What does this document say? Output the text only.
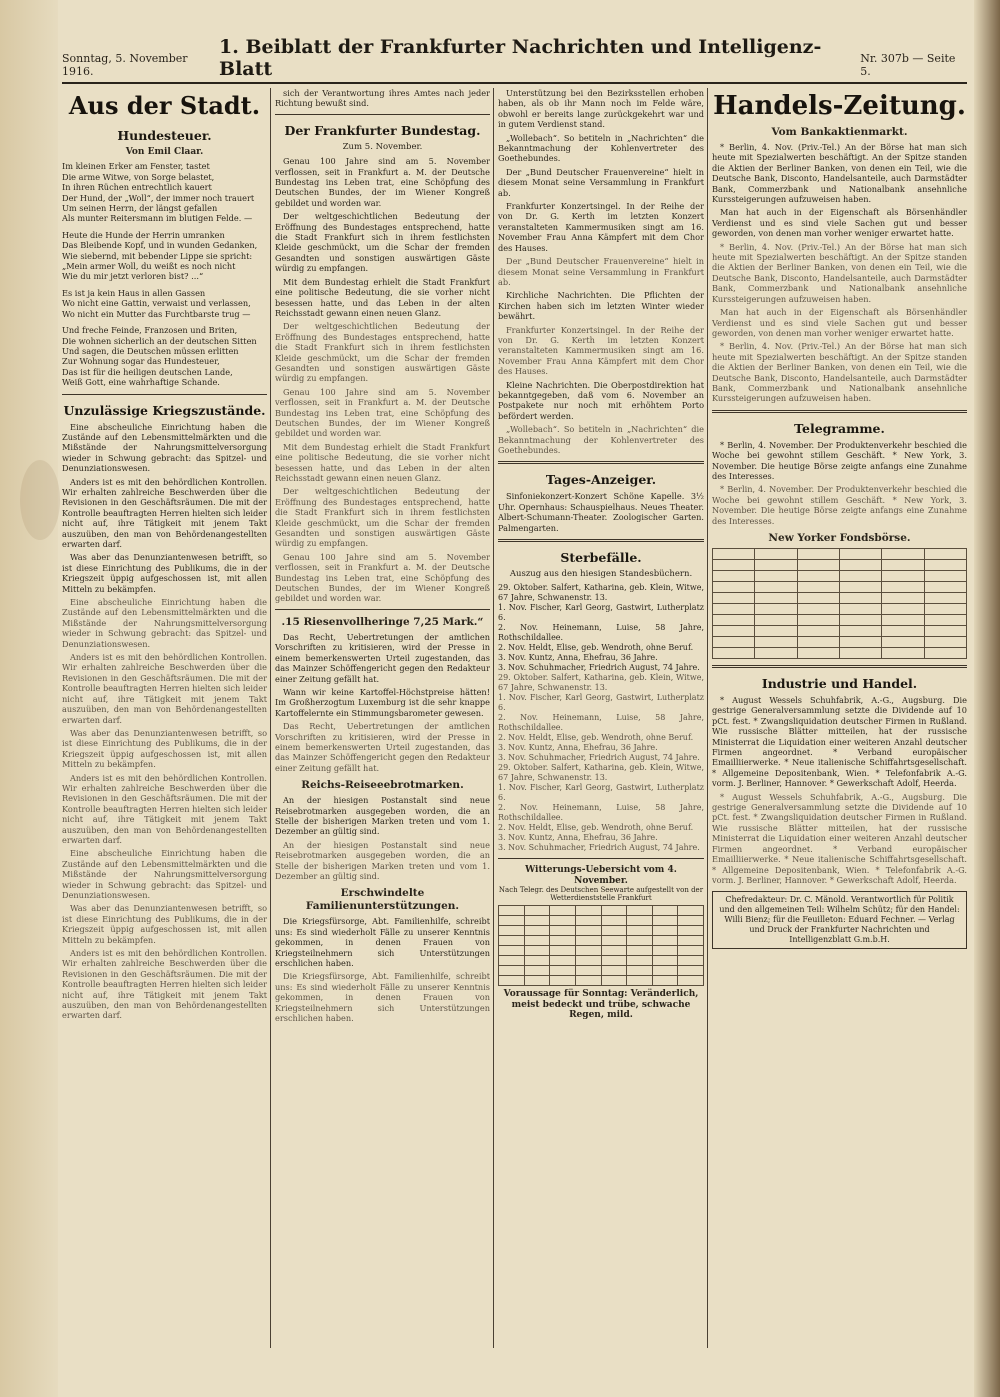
Sonntag, 5. November 1916.
1. Beiblatt der Frankfurter Nachrichten und Intelligenz-Blatt	Nr. 307b — Seite 5.
Aus der Stadt.
Hundesteuer.
Von Emil Claar.

Im kleinen Erker am Fenster, tastet
Die arme Witwe, von Sorge belastet,
In ihren Rüchen entrechtlich kauert
Der Hund, der „Woll“, der immer noch trauert
Um seinen Herrn, der längst gefallen
Als munter Reitersmann im blutigen Felde. —

Heute die Hunde der Herrin umranken
Das Bleibende Kopf, und in wunden Gedanken,
Wie siebernd, mit bebender Lippe sie spricht:
„Mein armer Woll, du weißt es noch nicht
Wie du mir jetzt verloren bist? ...“

Es ist ja kein Haus in allen Gassen
Wo nicht eine Gattin, verwaist und verlassen,
Wo nicht ein Mutter das Furchtbarste trug —

Und freche Feinde, Franzosen und Briten,
Die wohnen sicherlich an der deutschen Sitten
Und sagen, die Deutschen müssen erlitten
Zur Wohnung sogar das Hundesteuer,
Das ist für die heiligen deutschen Lande,
Weiß Gott, eine wahrhaftige Schande.

Unzulässige Kriegszustände.

Eine abscheuliche Einrichtung haben die Zustände auf den Lebensmittelmärkten und die Mißstände der Nahrungsmittelversorgung wieder in Schwung gebracht: das Spitzel- und Denunziationswesen.

Anders ist es mit den behördlichen Kontrollen. Wir erhalten zahlreiche Beschwerden über die Revisionen in den Geschäftsräumen. Die mit der Kontrolle beauftragten Herren hielten sich leider nicht auf, ihre Tätigkeit mit jenem Takt auszuüben, den man von Behördenangestellten erwarten darf.

Was aber das Denunziantenwesen betrifft, so ist diese Einrichtung des Publikums, die in der Kriegszeit üppig aufgeschossen ist, mit allen Mitteln zu bekämpfen.

Eine abscheuliche Einrichtung haben die Zustände auf den Lebensmittelmärkten und die Mißstände der Nahrungsmittelversorgung wieder in Schwung gebracht: das Spitzel- und Denunziationswesen.

Anders ist es mit den behördlichen Kontrollen. Wir erhalten zahlreiche Beschwerden über die Revisionen in den Geschäftsräumen. Die mit der Kontrolle beauftragten Herren hielten sich leider nicht auf, ihre Tätigkeit mit jenem Takt auszuüben, den man von Behördenangestellten erwarten darf.

Was aber das Denunziantenwesen betrifft, so ist diese Einrichtung des Publikums, die in der Kriegszeit üppig aufgeschossen ist, mit allen Mitteln zu bekämpfen.

Anders ist es mit den behördlichen Kontrollen. Wir erhalten zahlreiche Beschwerden über die Revisionen in den Geschäftsräumen. Die mit der Kontrolle beauftragten Herren hielten sich leider nicht auf, ihre Tätigkeit mit jenem Takt auszuüben, den man von Behördenangestellten erwarten darf.

Eine abscheuliche Einrichtung haben die Zustände auf den Lebensmittelmärkten und die Mißstände der Nahrungsmittelversorgung wieder in Schwung gebracht: das Spitzel- und Denunziationswesen.

Was aber das Denunziantenwesen betrifft, so ist diese Einrichtung des Publikums, die in der Kriegszeit üppig aufgeschossen ist, mit allen Mitteln zu bekämpfen.

Anders ist es mit den behördlichen Kontrollen. Wir erhalten zahlreiche Beschwerden über die Revisionen in den Geschäftsräumen. Die mit der Kontrolle beauftragten Herren hielten sich leider nicht auf, ihre Tätigkeit mit jenem Takt auszuüben, den man von Behördenangestellten erwarten darf.

sich der Verantwortung ihres Amtes nach jeder Richtung bewußt sind.

Der Frankfurter Bundestag.
Zum 5. November.

Genau 100 Jahre sind am 5. November verflossen, seit in Frankfurt a. M. der Deutsche Bundestag ins Leben trat, eine Schöpfung des Deutschen Bundes, der im Wiener Kongreß gebildet und worden war.

Der weltgeschichtlichen Bedeutung der Eröffnung des Bundestages entsprechend, hatte die Stadt Frankfurt sich in ihrem festlichsten Kleide geschmückt, um die Schar der fremden Gesandten und sonstigen auswärtigen Gäste würdig zu empfangen.

Mit dem Bundestag erhielt die Stadt Frankfurt eine politische Bedeutung, die sie vorher nicht besessen hatte, und das Leben in der alten Reichsstadt gewann einen neuen Glanz.

Der weltgeschichtlichen Bedeutung der Eröffnung des Bundestages entsprechend, hatte die Stadt Frankfurt sich in ihrem festlichsten Kleide geschmückt, um die Schar der fremden Gesandten und sonstigen auswärtigen Gäste würdig zu empfangen.

Genau 100 Jahre sind am 5. November verflossen, seit in Frankfurt a. M. der Deutsche Bundestag ins Leben trat, eine Schöpfung des Deutschen Bundes, der im Wiener Kongreß gebildet und worden war.

Mit dem Bundestag erhielt die Stadt Frankfurt eine politische Bedeutung, die sie vorher nicht besessen hatte, und das Leben in der alten Reichsstadt gewann einen neuen Glanz.

Der weltgeschichtlichen Bedeutung der Eröffnung des Bundestages entsprechend, hatte die Stadt Frankfurt sich in ihrem festlichsten Kleide geschmückt, um die Schar der fremden Gesandten und sonstigen auswärtigen Gäste würdig zu empfangen.

Genau 100 Jahre sind am 5. November verflossen, seit in Frankfurt a. M. der Deutsche Bundestag ins Leben trat, eine Schöpfung des Deutschen Bundes, der im Wiener Kongreß gebildet und worden war.

.15 Riesenvollheringe 7,25 Mark.“

Das Recht, Uebertretungen der amtlichen Vorschriften zu kritisieren, wird der Presse in einem bemerkenswerten Urteil zugestanden, das das Mainzer Schöffengericht gegen den Redakteur einer Zeitung gefällt hat.

Wann wir keine Kartoffel-Höchstpreise hätten! Im Großherzogtum Luxemburg ist die sehr knappe Kartoffelernte ein Stimmungsbarometer gewesen.

Das Recht, Uebertretungen der amtlichen Vorschriften zu kritisieren, wird der Presse in einem bemerkenswerten Urteil zugestanden, das das Mainzer Schöffengericht gegen den Redakteur einer Zeitung gefällt hat.

Reichs-Reiseeebrotmarken.

An der hiesigen Postanstalt sind neue Reisebrotmarken ausgegeben worden, die an Stelle der bisherigen Marken treten und vom 1. Dezember an gültig sind.

An der hiesigen Postanstalt sind neue Reisebrotmarken ausgegeben worden, die an Stelle der bisherigen Marken treten und vom 1. Dezember an gültig sind.

Erschwindelte Familienunterstützungen.

Die Kriegsfürsorge, Abt. Familienhilfe, schreibt uns: Es sind wiederholt Fälle zu unserer Kenntnis gekommen, in denen Frauen von Kriegsteilnehmern sich Unterstützungen erschlichen haben.

Die Kriegsfürsorge, Abt. Familienhilfe, schreibt uns: Es sind wiederholt Fälle zu unserer Kenntnis gekommen, in denen Frauen von Kriegsteilnehmern sich Unterstützungen erschlichen haben.

Unterstützung bei den Bezirksstellen erhoben haben, als ob ihr Mann noch im Felde wäre, obwohl er bereits lange zurückgekehrt war und in gutem Verdienst stand.

„Wollebach“. So betiteln in „Nachrichten“ die Bekanntmachung der Kohlenvertreter des Goethebundes.

Der „Bund Deutscher Frauenvereine“ hielt in diesem Monat seine Versammlung in Frankfurt ab.

Frankfurter Konzertsingel. In der Reihe der von Dr. G. Kerth im letzten Konzert veranstalteten Kammermusiken singt am 16. November Frau Anna Kämpfert mit dem Chor des Hauses.

Der „Bund Deutscher Frauenvereine“ hielt in diesem Monat seine Versammlung in Frankfurt ab.

Kirchliche Nachrichten. Die Pflichten der Kirchen haben sich im letzten Winter wieder bewährt.

Frankfurter Konzertsingel. In der Reihe der von Dr. G. Kerth im letzten Konzert veranstalteten Kammermusiken singt am 16. November Frau Anna Kämpfert mit dem Chor des Hauses.

Kleine Nachrichten. Die Oberpostdirektion hat bekanntgegeben, daß vom 6. November an Postpakete nur noch mit erhöhtem Porto befördert werden.

„Wollebach“. So betiteln in „Nachrichten“ die Bekanntmachung der Kohlenvertreter des Goethebundes.

Tages-Anzeiger.

Sinfoniekonzert-Konzert Schöne Kapelle. 3½ Uhr. Opernhaus: Schauspielhaus. Neues Theater. Albert-Schumann-Theater. Zoologischer Garten. Palmengarten.

Sterbefälle.
Auszug aus den hiesigen Standesbüchern.
29. Oktober. Salfert, Katharina, geb. Klein, Witwe, 67 Jahre, Schwanenstr. 13.
1. Nov. Fischer, Karl Georg, Gastwirt, Lutherplatz 6.
2. Nov. Heinemann, Luise, 58 Jahre, Rothschildallee.
2. Nov. Heldt, Elise, geb. Wendroth, ohne Beruf.
3. Nov. Kuntz, Anna, Ehefrau, 36 Jahre.
3. Nov. Schuhmacher, Friedrich August, 74 Jahre.
29. Oktober. Salfert, Katharina, geb. Klein, Witwe, 67 Jahre, Schwanenstr. 13.
1. Nov. Fischer, Karl Georg, Gastwirt, Lutherplatz 6.
2. Nov. Heinemann, Luise, 58 Jahre, Rothschildallee.
2. Nov. Heldt, Elise, geb. Wendroth, ohne Beruf.
3. Nov. Kuntz, Anna, Ehefrau, 36 Jahre.
3. Nov. Schuhmacher, Friedrich August, 74 Jahre.
29. Oktober. Salfert, Katharina, geb. Klein, Witwe, 67 Jahre, Schwanenstr. 13.
1. Nov. Fischer, Karl Georg, Gastwirt, Lutherplatz 6.
2. Nov. Heinemann, Luise, 58 Jahre, Rothschildallee.
2. Nov. Heldt, Elise, geb. Wendroth, ohne Beruf.
3. Nov. Kuntz, Anna, Ehefrau, 36 Jahre.
3. Nov. Schuhmacher, Friedrich August, 74 Jahre.
Witterungs-Uebersicht vom 4. November.
Nach Telegr. des Deutschen Seewarte aufgestellt von der Wetterdienststelle Frankfurt

Voraussage für Sonntag: Veränderlich, meist bedeckt und trübe, schwache Regen, mild.
Handels-Zeitung.
Vom Bankaktienmarkt.

* Berlin, 4. Nov. (Priv.-Tel.) An der Börse hat man sich heute mit Spezialwerten beschäftigt. An der Spitze standen die Aktien der Berliner Banken, von denen ein Teil, wie die Deutsche Bank, Disconto, Handelsanteile, auch Darmstädter Bank, Commerzbank und Nationalbank ansehnliche Kurssteigerungen aufzuweisen haben.

Man hat auch in der Eigenschaft als Börsenhändler Verdienst und es sind viele Sachen gut und besser geworden, von denen man vorher weniger erwartet hatte.

* Berlin, 4. Nov. (Priv.-Tel.) An der Börse hat man sich heute mit Spezialwerten beschäftigt. An der Spitze standen die Aktien der Berliner Banken, von denen ein Teil, wie die Deutsche Bank, Disconto, Handelsanteile, auch Darmstädter Bank, Commerzbank und Nationalbank ansehnliche Kurssteigerungen aufzuweisen haben.

Man hat auch in der Eigenschaft als Börsenhändler Verdienst und es sind viele Sachen gut und besser geworden, von denen man vorher weniger erwartet hatte.

* Berlin, 4. Nov. (Priv.-Tel.) An der Börse hat man sich heute mit Spezialwerten beschäftigt. An der Spitze standen die Aktien der Berliner Banken, von denen ein Teil, wie die Deutsche Bank, Disconto, Handelsanteile, auch Darmstädter Bank, Commerzbank und Nationalbank ansehnliche Kurssteigerungen aufzuweisen haben.

Telegramme.

* Berlin, 4. November. Der Produktenverkehr beschied die Woche bei gewohnt stillem Geschäft. * New York, 3. November. Die heutige Börse zeigte anfangs eine Zunahme des Interesses.

* Berlin, 4. November. Der Produktenverkehr beschied die Woche bei gewohnt stillem Geschäft. * New York, 3. November. Die heutige Börse zeigte anfangs eine Zunahme des Interesses.

New Yorker Fondsbörse.

Industrie und Handel.

* August Wessels Schuhfabrik, A.-G., Augsburg. Die gestrige Generalversammlung setzte die Dividende auf 10 pCt. fest. * Zwangsliquidation deutscher Firmen in Rußland. Wie russische Blätter mitteilen, hat der russische Ministerrat die Liquidation einer weiteren Anzahl deutscher Firmen angeordnet. * Verband europäischer Emailliierwerke. * Neue italienische Schiffahrtsgesellschaft. * Allgemeine Depositenbank, Wien. * Telefonfabrik A.-G. vorm. J. Berliner, Hannover. * Gewerkschaft Adolf, Heerda.

* August Wessels Schuhfabrik, A.-G., Augsburg. Die gestrige Generalversammlung setzte die Dividende auf 10 pCt. fest. * Zwangsliquidation deutscher Firmen in Rußland. Wie russische Blätter mitteilen, hat der russische Ministerrat die Liquidation einer weiteren Anzahl deutscher Firmen angeordnet. * Verband europäischer Emailliierwerke. * Neue italienische Schiffahrtsgesellschaft. * Allgemeine Depositenbank, Wien. * Telefonfabrik A.-G. vorm. J. Berliner, Hannover. * Gewerkschaft Adolf, Heerda.

Chefredakteur: Dr. C. Mänold. Verantwortlich für Politik und den allgemeinen Teil: Wilhelm Schütz; für den Handel: Willi Bienz; für die Feuilleton: Eduard Fechner. — Verlag und Druck der Frankfurter Nachrichten und Intelligenzblatt G.m.b.H.
